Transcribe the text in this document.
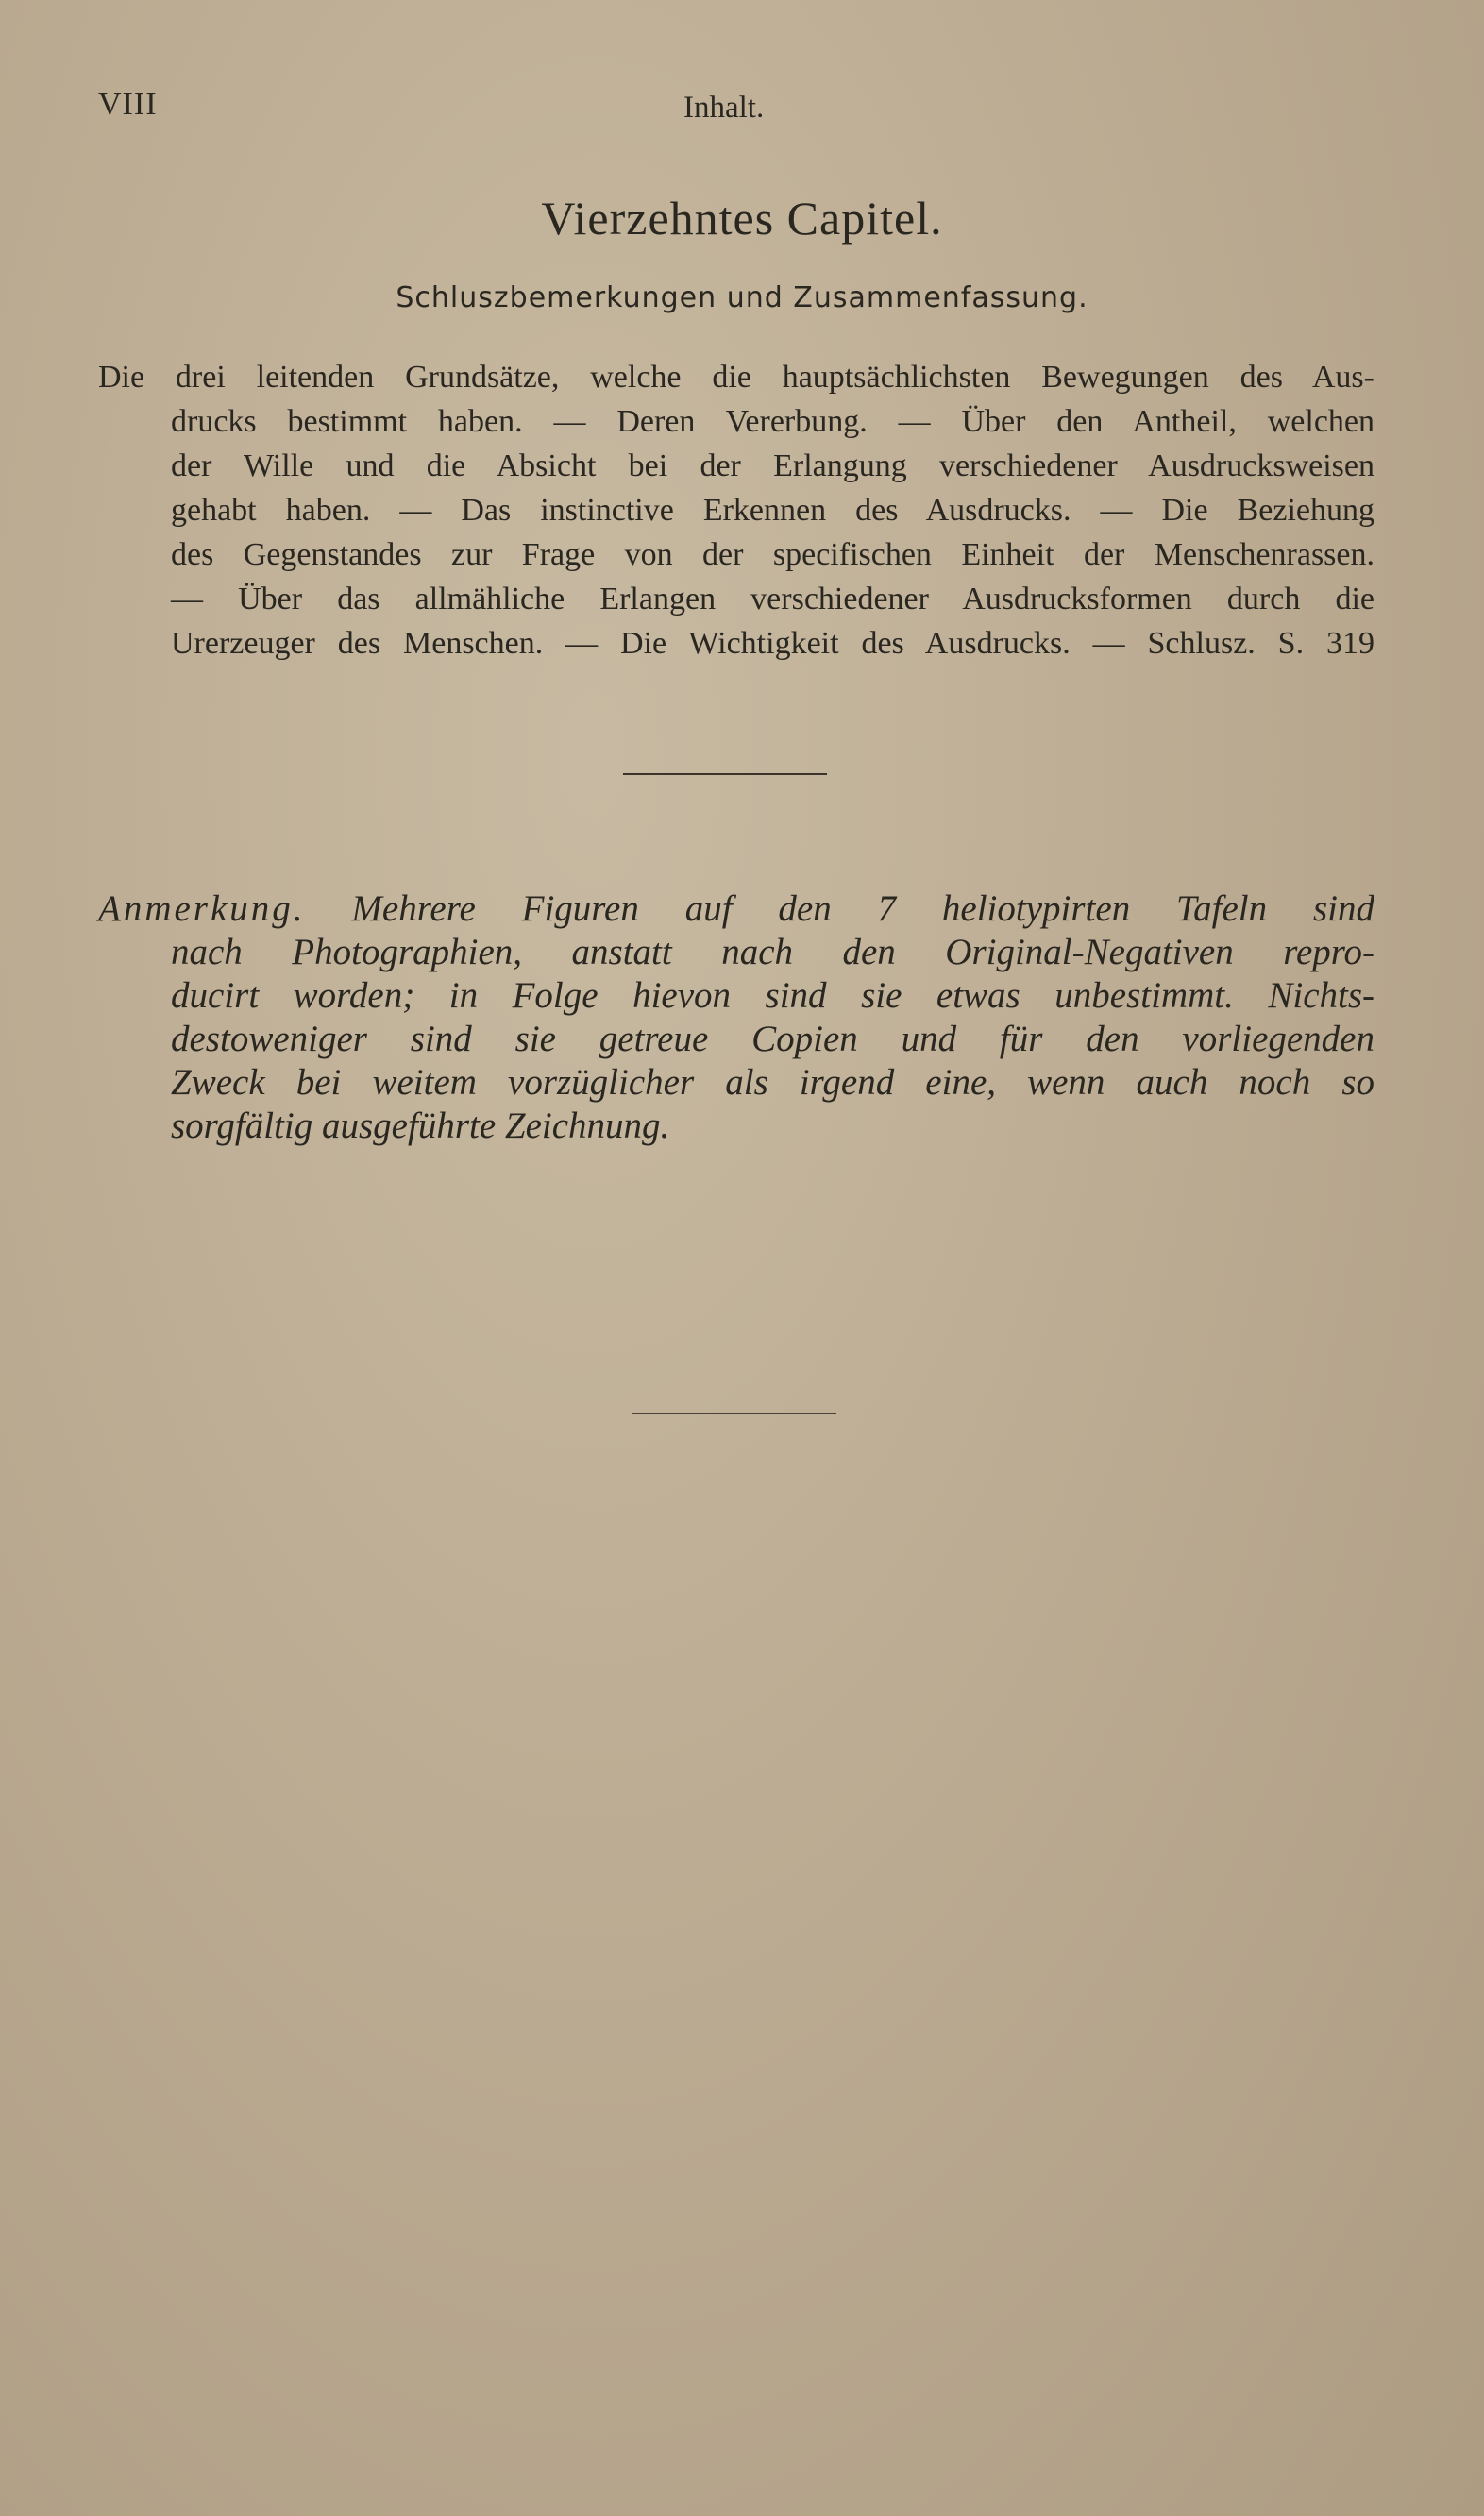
VIII	Inhalt.
Vierzehntes Capitel.
Schluszbemerkungen und Zusammenfassung.
Die drei leitenden Grundsätze, welche die hauptsächlichsten Bewegungen des Aus-
drucks bestimmt haben. — Deren Vererbung. — Über den Antheil, welchen
der Wille und die Absicht bei der Erlangung verschiedener Ausdrucksweisen
gehabt haben. — Das instinctive Erkennen des Ausdrucks. — Die Beziehung
des Gegenstandes zur Frage von der specifischen Einheit der Menschenrassen.
— Über das allmähliche Erlangen verschiedener Ausdrucksformen durch die
Urerzeuger des Menschen. — Die Wichtigkeit des Ausdrucks. — Schlusz. S. 319
Anmerkung. Mehrere Figuren auf den 7 heliotypirten Tafeln sind
nach Photographien, anstatt nach den Original-Negativen repro-
ducirt worden; in Folge hievon sind sie etwas unbestimmt. Nichts-
destoweniger sind sie getreue Copien und für den vorliegenden
Zweck bei weitem vorzüglicher als irgend eine, wenn auch noch so
sorgfältig ausgeführte Zeichnung.
